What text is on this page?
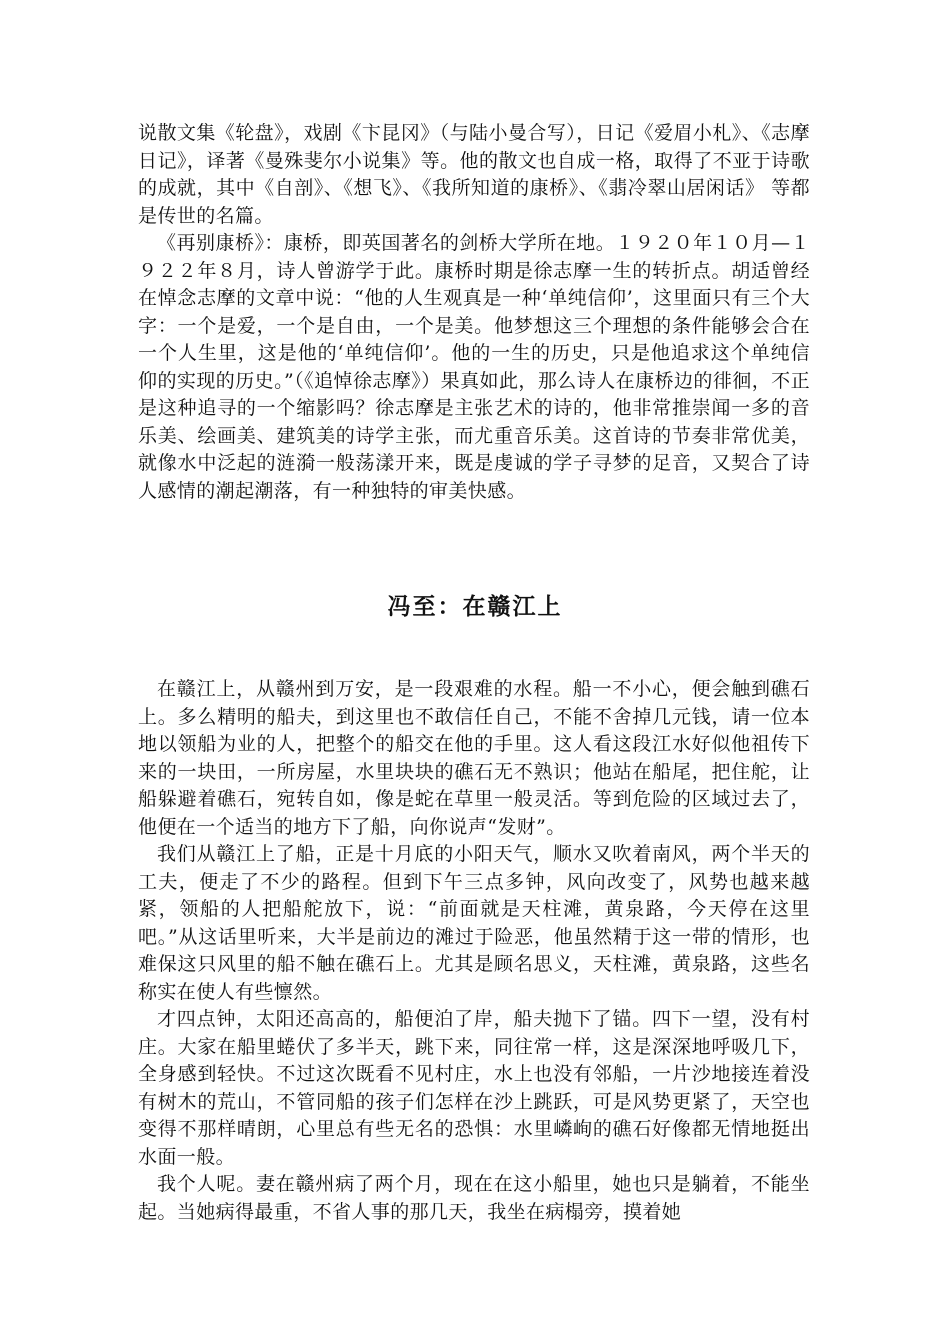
说散文集《轮盘》，戏剧《卞昆冈》（与陆小曼合写），日记《爱眉小札》、《志摩日记》，译著《曼殊斐尔小说集》等。他的散文也自成一格，取得了不亚于诗歌的成就，其中《自剖》、《想飞》、《我所知道的康桥》、《翡冷翠山居闲话》 等都是传世的名篇。

《再别康桥》：康桥，即英国著名的剑桥大学所在地。１９２０年１０月—１９２２年８月，诗人曾游学于此。康桥时期是徐志摩一生的转折点。胡适曾经在悼念志摩的文章中说：“他的人生观真是一种‘单纯信仰’，这里面只有三个大字：一个是爱，一个是自由，一个是美。他梦想这三个理想的条件能够会合在一个人生里，这是他的‘单纯信仰’。他的一生的历史，只是他追求这个单纯信仰的实现的历史。”（《追悼徐志摩》）果真如此，那么诗人在康桥边的徘徊，不正是这种追寻的一个缩影吗？徐志摩是主张艺术的诗的，他非常推崇闻一多的音乐美、绘画美、建筑美的诗学主张，而尤重音乐美。这首诗的节奏非常优美，就像水中泛起的涟漪一般荡漾开来，既是虔诚的学子寻梦的足音，又契合了诗人感情的潮起潮落，有一种独特的审美快感。

冯至：在赣江上

在赣江上，从赣州到万安，是一段艰难的水程。船一不小心，便会触到礁石上。多么精明的船夫，到这里也不敢信任自己，不能不舍掉几元钱，请一位本地以领船为业的人，把整个的船交在他的手里。这人看这段江水好似他祖传下来的一块田，一所房屋，水里块块的礁石无不熟识；他站在船尾，把住舵，让船躲避着礁石，宛转自如，像是蛇在草里一般灵活。等到危险的区域过去了，他便在一个适当的地方下了船，向你说声“发财”。

我们从赣江上了船，正是十月底的小阳天气，顺水又吹着南风，两个半天的工夫，便走了不少的路程。但到下午三点多钟，风向改变了，风势也越来越紧，领船的人把船舵放下，说：“前面就是天柱滩，黄泉路，今天停在这里吧。”从这话里听来，大半是前边的滩过于险恶，他虽然精于这一带的情形，也难保这只风里的船不触在礁石上。尤其是顾名思义，天柱滩，黄泉路，这些名称实在使人有些懔然。

才四点钟，太阳还高高的，船便泊了岸，船夫抛下了锚。四下一望，没有村庄。大家在船里蜷伏了多半天，跳下来，同往常一样，这是深深地呼吸几下，全身感到轻快。不过这次既看不见村庄，水上也没有邻船，一片沙地接连着没有树木的荒山，不管同船的孩子们怎样在沙上跳跃，可是风势更紧了，天空也变得不那样晴朗，心里总有些无名的恐惧：水里嶙峋的礁石好像都无情地挺出水面一般。

我个人呢。妻在赣州病了两个月，现在在这小船里，她也只是躺着，不能坐起。当她病得最重，不省人事的那几天，我坐在病榻旁，摸着她
